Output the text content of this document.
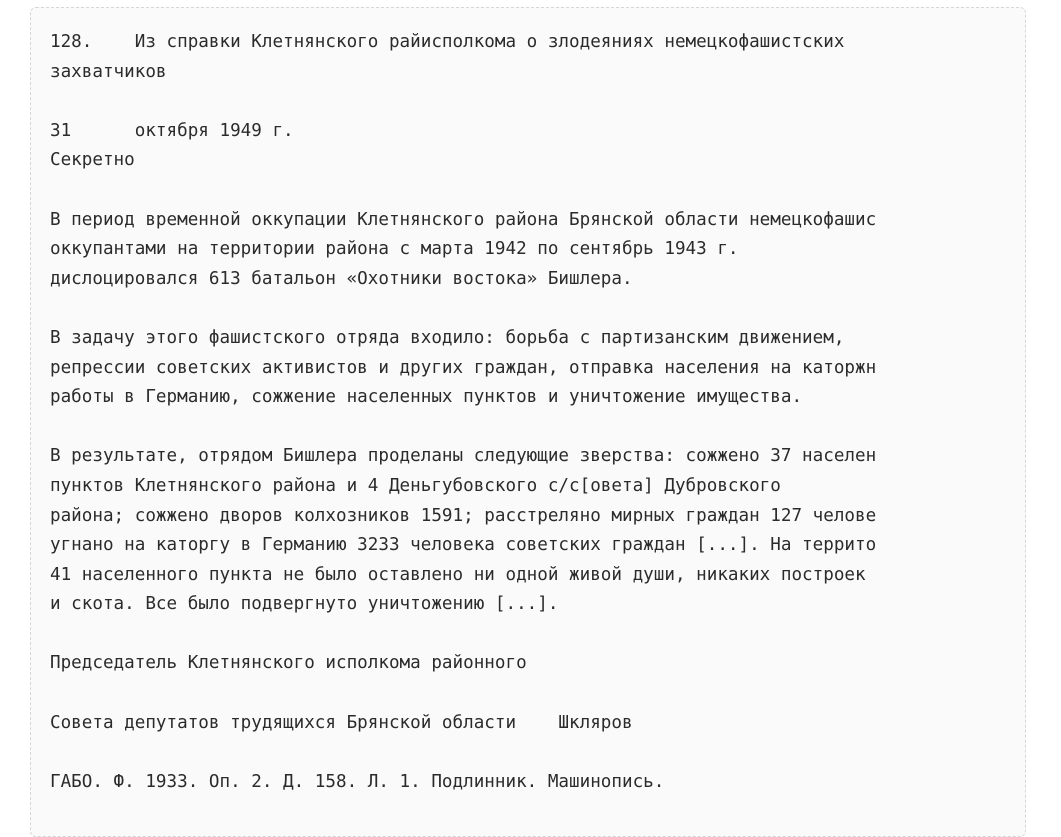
128.    Из справки Клетнянского райисполкома о злодеяниях немецкофашистских
захватчиков
31      октября 1949 г.
Секретно
В период временной оккупации Клетнянского района Брянской области немецкофашис
оккупантами на территории района с марта 1942 по сентябрь 1943 г.
дислоцировался 613 батальон «Охотники востока» Бишлера.
В задачу этого фашистского отряда входило: борьба с партизанским движением,
репрессии советских активистов и других граждан, отправка населения на каторжн
работы в Германию, сожжение населенных пунктов и уничтожение имущества.
В результате, отрядом Бишлера проделаны следующие зверства: сожжено 37 населен
пунктов Клетнянского района и 4 Деньгубовского с/с[овета] Дубровского
района; сожжено дворов колхозников 1591; расстреляно мирных граждан 127 челове
угнано на каторгу в Германию 3233 человека советских граждан [...]. На террито
41 населенного пункта не было оставлено ни одной живой души, никаких построек
и скота. Все было подвергнуто уничтожению [...].
Председатель Клетнянского исполкома районного
Совета депутатов трудящихся Брянской области    Шкляров
ГАБО. Ф. 1933. Оп. 2. Д. 158. Л. 1. Подлинник. Машинопись.
